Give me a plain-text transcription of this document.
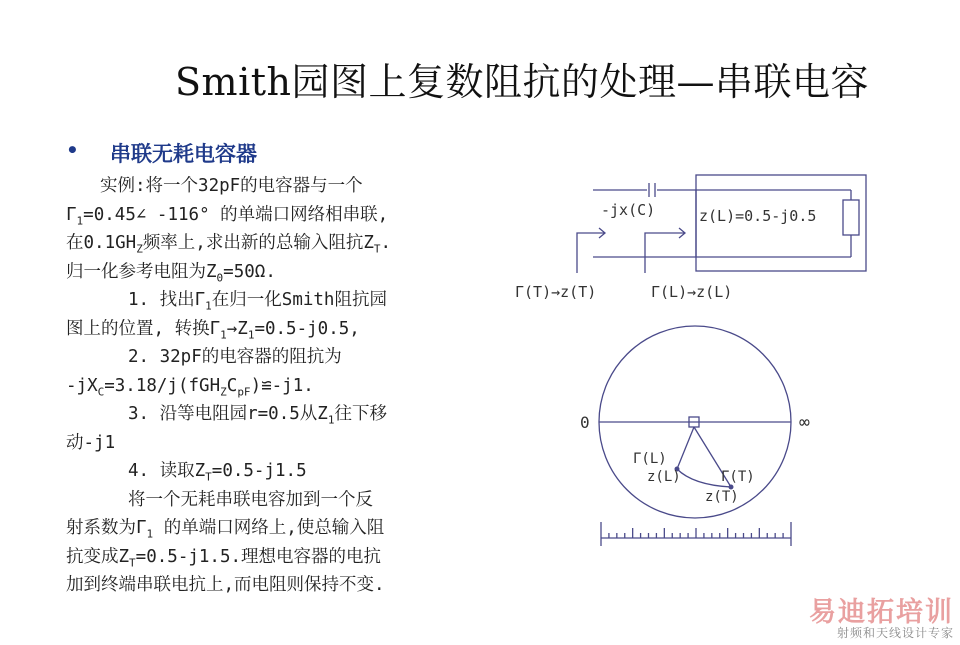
Smith园图上复数阻抗的处理—串联电容
• 串联无耗电容器
实例:将一个32pF的电容器与一个
$\Gamma_1=0.45\angle$ -116° 的单端口网络相串联,
在$0.1GH_Z$频率上,求出新的总输入阻抗$Z_T$.
归一化参考电阻为$Z_0=50\Omega$.
1. 找出$\Gamma_1$在归一化Smith阻抗园
图上的位置, 转换$\Gamma_1\to Z_1=0.5-j0.5$,
2. 32pF的电容器的阻抗为
$-jX_C=3.18/j(fGH_ZC_{pF})≌-j1$.
3. 沿等电阻园r=0.5从$Z_1$往下移
动-j1
4. 读取$Z_T=0.5-j1.5$
将一个无耗串联电容加到一个反
射系数为$\Gamma_1$ 的单端口网络上,使总输入阻
抗变成$Z_T=0.5-j1.5$.理想电容器的电抗
加到终端串联电抗上,而电阻则保持不变.
-jx(C)	z(L)=0.5-j0.5
Γ(T)→z(T)	Γ(L)→z(L)
0	∞
Γ(L)
z(L)	Γ(T)
z(T)
易迪拓培训
射频和天线设计专家
